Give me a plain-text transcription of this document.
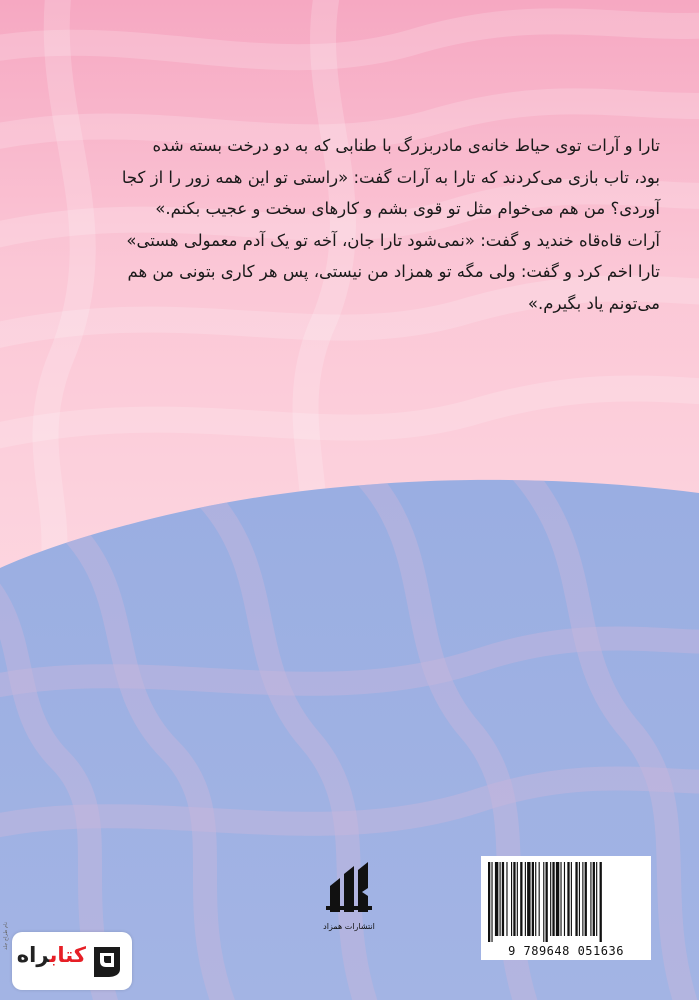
تارا و آرات توی حیاط خانه‌ی مادربزرگ با طنابی که به دو درخت بسته شده

بود، تاب بازی می‌کردند که تارا به آرات گفت: «راستی تو این همه زور را از کجا

آوردی؟ من هم می‌خوام مثل تو قوی بشم و کارهای سخت و عجیب بکنم.»

آرات قاه‌قاه خندید و گفت: «نمی‌شود تارا جان، آخه تو یک آدم معمولی هستی»

تارا اخم کرد و گفت: ولی مگه تو همزاد من نیستی، پس هر کاری بتونی من هم

می‌تونم یاد بگیرم.»

انتشارات همزاد
9 789648 051636
نام طراح جلد
کتابراه
